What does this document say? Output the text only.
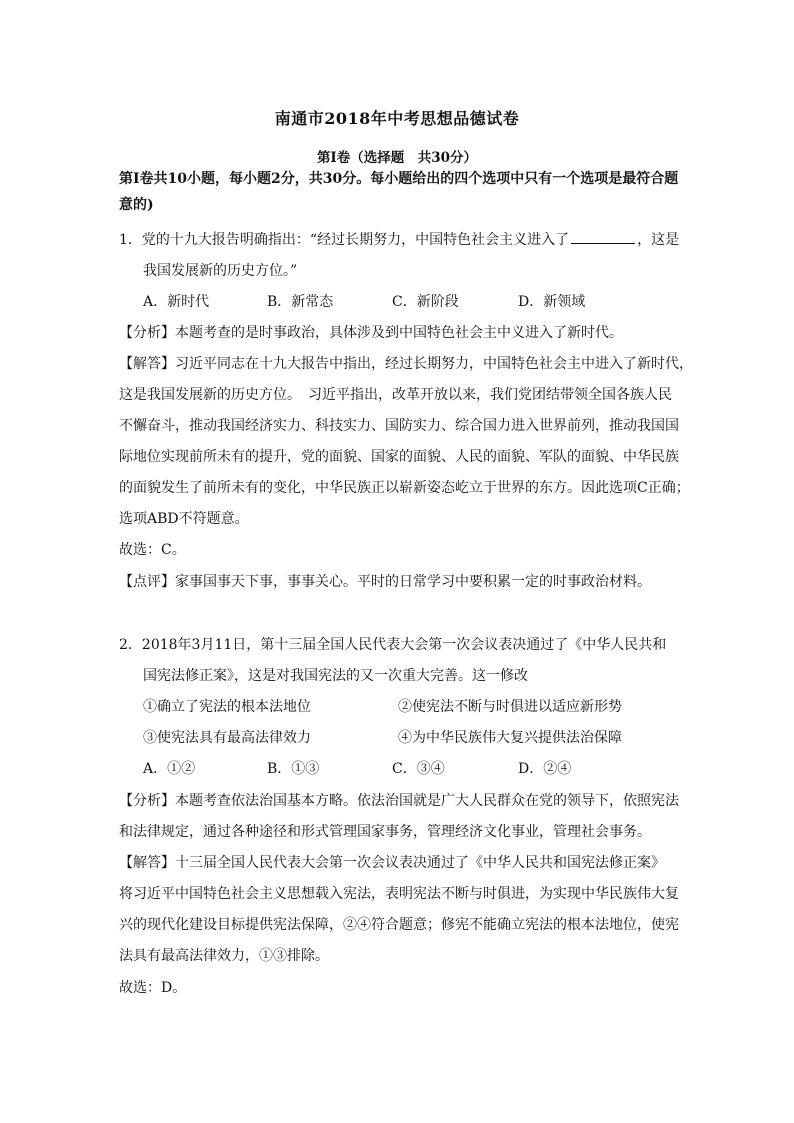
南通市2018年中考思想品德试卷
第Ⅰ卷（选择题　共30分）
第Ⅰ卷共10小题，每小题2分，共30分。每小题给出的四个选项中只有一个选项是最符合题
意的)
1．党的十九大报告明确指出：“经过长期努力，中国特色社会主义进入了	，这是
我国发展新的历史方位。”
A．新时代	B．新常态	C．新阶段	D．新领域
【分析】本题考查的是时事政治，具体涉及到中国特色社会主中义进入了新时代。
【解答】习近平同志在十九大报告中指出，经过长期努力，中国特色社会主中进入了新时代，
这是我国发展新的历史方位。　习近平指出，改革开放以来，我们党团结带领全国各族人民
不懈奋斗，推动我国经济实力、科技实力、国防实力、综合国力进入世界前列，推动我国国
际地位实现前所未有的提升，党的面貌、国家的面貌、人民的面貌、军队的面貌、中华民族
的面貌发生了前所未有的变化，中华民族正以崭新姿态屹立于世界的东方。因此选项C正确；
选项ABD不符题意。
故选：C。
【点评】家事国事天下事，事事关心。平时的日常学习中要积累一定的时事政治材料。
2．2018年3月11日，第十三届全国人民代表大会第一次会议表决通过了《中华人民共和
国宪法修正案》，这是对我国宪法的又一次重大完善。这一修改
①确立了宪法的根本法地位	②使宪法不断与时俱进以适应新形势
③使宪法具有最高法律效力	④为中华民族伟大复兴提供法治保障
A．①②	B．①③	C．③④	D．②④
【分析】本题考查依法治国基本方略。依法治国就是广大人民群众在党的领导下，依照宪法
和法律规定，通过各种途径和形式管理国家事务，管理经济文化事业，管理社会事务。
【解答】十三届全国人民代表大会第一次会议表决通过了《中华人民共和国宪法修正案》
将习近平中国特色社会主义思想载入宪法，表明宪法不断与时俱进，为实现中华民族伟大复
兴的现代化建设目标提供宪法保障，②④符合题意；修宪不能确立宪法的根本法地位，使宪
法具有最高法律效力，①③排除。
故选：D。
